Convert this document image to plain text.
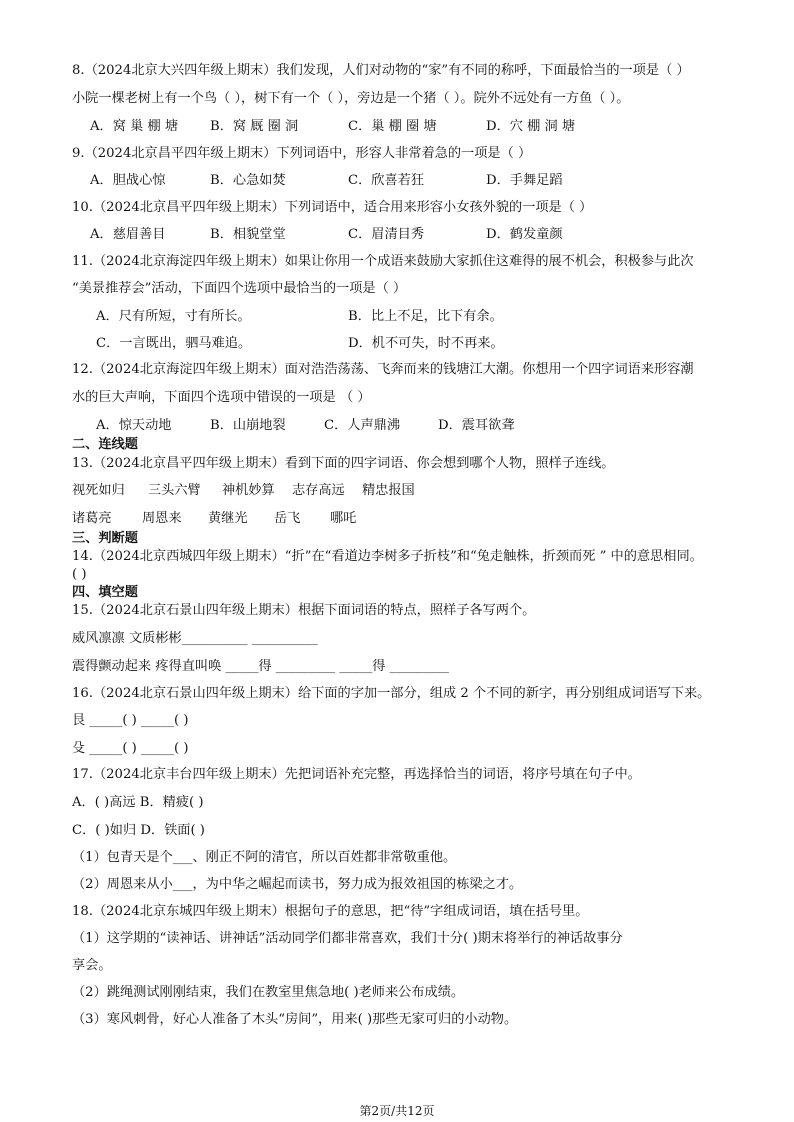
8.（2024北京大兴四年级上期末）我们发现，人们对动物的“家”有不同的称呼，下面最恰当的一项是（ ）
小院一棵老树上有一个鸟（ ），树下有一个（ ），旁边是一个猪（ ）。院外不远处有一方鱼（ ）。
A．窝 巢 棚 塘 B．窝 厩 圈 洞	C．巢 棚 圈 塘	D．穴 棚 洞 塘
9.（2024北京昌平四年级上期末）下列词语中，形容人非常着急的一项是（ ）
A．胆战心惊	B．心急如焚	C．欣喜若狂	D．手舞足蹈
10.（2024北京昌平四年级上期末）下列词语中，适合用来形容小女孩外貌的一项是（ ）
A．慈眉善目	B．相貌堂堂	C．眉清目秀	D．鹤发童颜
11.（2024北京海淀四年级上期末）如果让你用一个成语来鼓励大家抓住这难得的展不机会，积极参与此次
“美景推荐会”活动，下面四个选项中最恰当的一项是（ ）
A．尺有所短，寸有所长。	B．比上不足，比下有余。
C．一言既出，驷马难追。	D．机不可失，时不再来。
12.（2024北京海淀四年级上期末）面对浩浩荡荡、飞奔而来的钱塘江大潮。你想用一个四字词语来形容潮
水的巨大声响，下面四个选项中错误的一项是 （ ）
A．惊天动地	B．山崩地裂	C．人声鼎沸	D．震耳欲聋
二、连线题
13.（2024北京昌平四年级上期末）看到下面的四字词语、你会想到哪个人物，照样子连线。
视死如归 三头六臂 神机妙算 志存高远 精忠报国
诸葛亮 周恩来 黄继光 岳飞 哪吒
三、判断题
14.（2024北京西城四年级上期末）“折”在“看道边李树多子折枝”和“兔走触株，折颈而死 ” 中的意思相同。
( )
四、填空题
15.（2024北京石景山四年级上期末）根据下面词语的特点，照样子各写两个。
威风凛凛 文质彬彬__________ __________
震得颤动起来 疼得直叫唤 _____得 _________ _____得 _________
16.（2024北京石景山四年级上期末）给下面的字加一部分，组成 2 个不同的新字，再分别组成词语写下来。
艮 _____( ) _____( )
殳 _____( ) _____( )
17.（2024北京丰台四年级上期末）先把词语补充完整，再选择恰当的词语，将序号填在句子中。
A．( )高远 B．精疲( )
C．( )如归 D．铁面( )
（1）包青天是个___、刚正不阿的清官，所以百姓都非常敬重他。
（2）周恩来从小___，为中华之崛起而读书，努力成为报效祖国的栋梁之才。
18.（2024北京东城四年级上期末）根据句子的意思，把“待”字组成词语，填在括号里。
（1）这学期的“读神话、讲神话”活动同学们都非常喜欢，我们十分( )期末将举行的神话故事分
享会。
（2）跳绳测试刚刚结束，我们在教室里焦急地( )老师来公布成绩。
（3）寒风刺骨，好心人准备了木头“房间”，用来( )那些无家可归的小动物。
第2页/共12页
